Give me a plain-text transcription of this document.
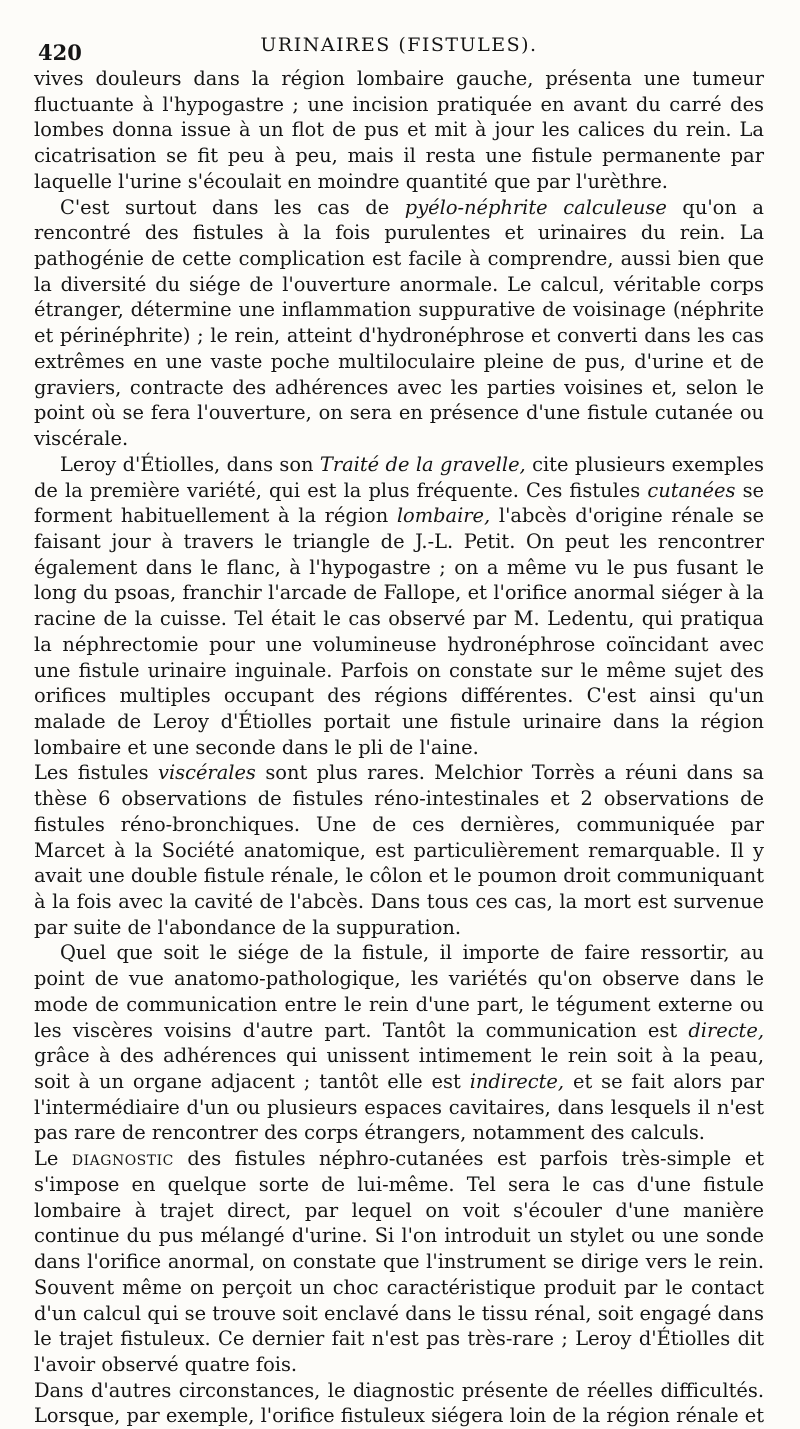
420	URINAIRES (FISTULES).

vives douleurs dans la région lombaire gauche, présenta une tumeur fluctuante à l'hypogastre ; une incision pratiquée en avant du carré des lombes donna issue à un flot de pus et mit à jour les calices du rein. La cicatrisation se fit peu à peu, mais il resta une fistule permanente par laquelle l'urine s'écoulait en moindre quantité que par l'urèthre.

C'est surtout dans les cas de pyélo-néphrite calculeuse qu'on a rencontré des fistules à la fois purulentes et urinaires du rein. La pathogénie de cette complication est facile à comprendre, aussi bien que la diversité du siége de l'ouverture anormale. Le calcul, véritable corps étranger, détermine une inflammation suppurative de voisinage (néphrite et périnéphrite) ; le rein, atteint d'hydronéphrose et converti dans les cas extrêmes en une vaste poche multiloculaire pleine de pus, d'urine et de graviers, contracte des adhérences avec les parties voisines et, selon le point où se fera l'ouverture, on sera en présence d'une fistule cutanée ou viscérale.

Leroy d'Étiolles, dans son Traité de la gravelle, cite plusieurs exemples de la première variété, qui est la plus fréquente. Ces fistules cutanées se forment habituellement à la région lombaire, l'abcès d'origine rénale se faisant jour à travers le triangle de J.-L. Petit. On peut les rencontrer également dans le flanc, à l'hypogastre ; on a même vu le pus fusant le long du psoas, franchir l'arcade de Fallope, et l'orifice anormal siéger à la racine de la cuisse. Tel était le cas observé par M. Ledentu, qui pratiqua la néphrectomie pour une volumineuse hydronéphrose coïncidant avec une fistule urinaire inguinale. Parfois on constate sur le même sujet des orifices multiples occupant des régions différentes. C'est ainsi qu'un malade de Leroy d'Étiolles portait une fistule urinaire dans la région lombaire et une seconde dans le pli de l'aine.

Les fistules viscérales sont plus rares. Melchior Torrès a réuni dans sa thèse 6 observations de fistules réno-intestinales et 2 observations de fistules réno-bronchiques. Une de ces dernières, communiquée par Marcet à la Société anatomique, est particulièrement remarquable. Il y avait une double fistule rénale, le côlon et le poumon droit communiquant à la fois avec la cavité de l'abcès. Dans tous ces cas, la mort est survenue par suite de l'abondance de la suppuration.

Quel que soit le siége de la fistule, il importe de faire ressortir, au point de vue anatomo-pathologique, les variétés qu'on observe dans le mode de communication entre le rein d'une part, le tégument externe ou les viscères voisins d'autre part. Tantôt la communication est directe, grâce à des adhérences qui unissent intimement le rein soit à la peau, soit à un organe adjacent ; tantôt elle est indirecte, et se fait alors par l'intermédiaire d'un ou plusieurs espaces cavitaires, dans lesquels il n'est pas rare de rencontrer des corps étrangers, notamment des calculs.

Le diagnostic des fistules néphro-cutanées est parfois très-simple et s'impose en quelque sorte de lui-même. Tel sera le cas d'une fistule lombaire à trajet direct, par lequel on voit s'écouler d'une manière continue du pus mélangé d'urine. Si l'on introduit un stylet ou une sonde dans l'orifice anormal, on constate que l'instrument se dirige vers le rein. Souvent même on perçoit un choc caractéristique produit par le contact d'un calcul qui se trouve soit enclavé dans le tissu rénal, soit engagé dans le trajet fistuleux. Ce dernier fait n'est pas très-rare ; Leroy d'Étiolles dit l'avoir observé quatre fois.

Dans d'autres circonstances, le diagnostic présente de réelles difficultés. Lorsque, par exemple, l'orifice fistuleux siégera loin de la région rénale et
